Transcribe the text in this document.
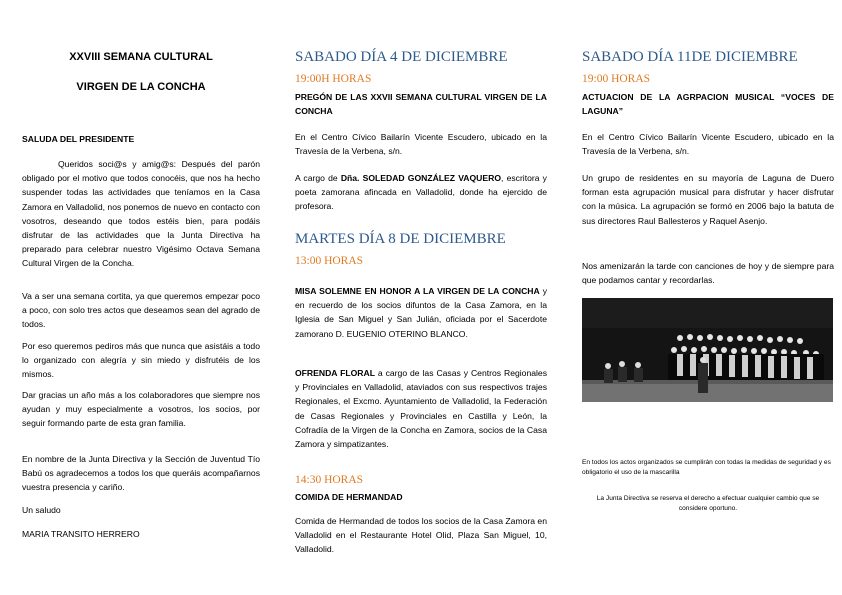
XXVIII SEMANA CULTURAL

VIRGEN DE LA CONCHA

SALUDA DEL PRESIDENTE

Queridos soci@s y amig@s: Después del parón obligado por el motivo que todos conocéis, que nos ha hecho suspender todas las actividades que teníamos en la Casa Zamora en Valladolid, nos ponemos de nuevo en contacto con vosotros, deseando que todos estéis bien, para podáis disfrutar de las actividades que la Junta Directiva ha preparado para celebrar nuestro Vigésimo Octava Semana Cultural Virgen de la Concha.

Va a ser una semana cortita, ya que queremos empezar poco a poco, con solo tres actos que deseamos sean del agrado de todos.

Por eso queremos pediros más que nunca que asistáis a todo lo organizado con alegría y sin miedo y disfrutéis de los mismos.

Dar gracias un año más a los colaboradores que siempre nos ayudan y muy especialmente a vosotros, los socios, por seguir formando parte de esta gran familia.

En nombre de la Junta Directiva y la Sección de Juventud Tío Babú os agradecemos a todos los que queráis acompañarnos vuestra presencia y cariño.

Un saludo

MARIA TRANSITO HERRERO

SABADO DÍA 4 DE DICIEMBRE

19:00H HORAS

PREGÓN DE LAS XXVII SEMANA CULTURAL VIRGEN DE LA CONCHA

En el Centro Cívico Bailarín Vicente Escudero, ubicado en la Travesía de la Verbena, s/n.

A cargo de Dña. SOLEDAD GONZÁLEZ VAQUERO, escritora y poeta zamorana afincada en Valladolid, donde ha ejercido de profesora.

MARTES DÍA 8 DE DICIEMBRE

13:00 HORAS

MISA SOLEMNE EN HONOR A LA VIRGEN DE LA CONCHA y en recuerdo de los socios difuntos de la Casa Zamora, en la Iglesia de San Miguel y San Julián, oficiada por el Sacerdote zamorano D. EUGENIO OTERINO BLANCO.

OFRENDA FLORAL a cargo de las Casas y Centros Regionales y Provinciales en Valladolid, ataviados con sus respectivos trajes Regionales, el Excmo. Ayuntamiento de Valladolid, la Federación de Casas Regionales y Provinciales en Castilla y León, la Cofradía de la Virgen de la Concha en Zamora, socios de la Casa Zamora y simpatizantes.

14:30 HORAS

COMIDA DE HERMANDAD

Comida de Hermandad de todos los socios de la Casa Zamora en Valladolid en el Restaurante Hotel Olid, Plaza San Miguel, 10, Valladolid.

SABADO DÍA 11DE DICIEMBRE

19:00 HORAS

ACTUACION DE LA AGRPACION MUSICAL “VOCES DE LAGUNA”

En el Centro Cívico Bailarín Vicente Escudero, ubicado en la Travesía de la Verbena, s/n.

Un grupo de residentes en su mayoría de Laguna de Duero forman esta agrupación musical para disfrutar y hacer disfrutar con la música. La agrupación se formó en 2006 bajo la batuta de sus directores Raul Ballesteros y Raquel Asenjo.

Nos amenizarán la tarde con canciones de hoy y de siempre para que podamos cantar y recordarlas.

En todos los actos organizados se cumplirán con todas la medidas de seguridad y es obligatorio el uso de la mascarilla

La Junta Directiva se reserva el derecho a efectuar cualquier cambio que se considere oportuno.
